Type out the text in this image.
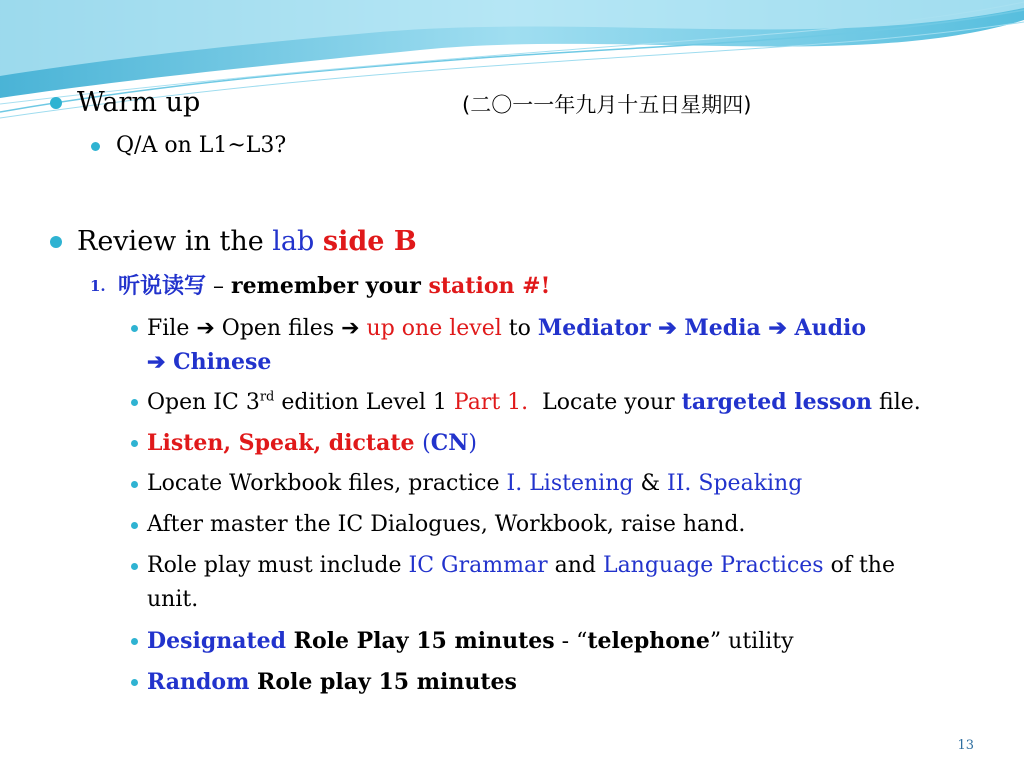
Warm up	(二〇一一年九月十五日星期四)

Q/A on L1~L3?

Review in the lab side B

1. 听说读写 – remember your station #!

File ➔ Open files ➔ up one level to Mediator ➔ Media ➔ Audio

➔ Chinese

Open IC 3rd edition Level 1 Part 1.  Locate your targeted lesson file.

Listen, Speak, dictate (CN)

Locate Workbook files, practice I. Listening & II. Speaking

After master the IC Dialogues, Workbook, raise hand.

Role play must include IC Grammar and Language Practices of the

unit.

Designated Role Play 15 minutes - “telephone” utility

Random Role play 15 minutes

13
